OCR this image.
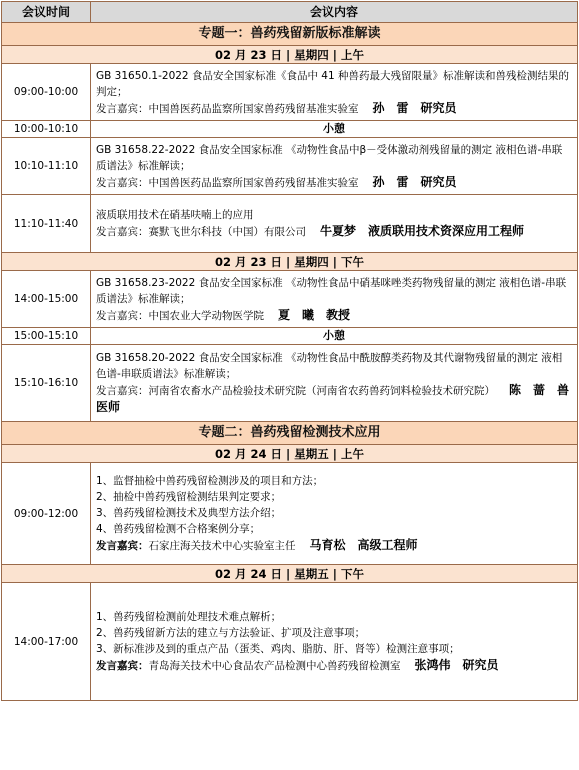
会议时间	会议内容
专题一：兽药残留新版标准解读	
02 月 23 日 | 星期四 | 上午	
09:00-10:00	GB 31650.1-2022 食品安全国家标准《食品中 41 种兽药最大残留限量》标准解读和兽残检测结果的判定；
发言嘉宾：中国兽医药品监察所国家兽药残留基准实验室 孙　雷　研究员

10:00-10:10	小憩
10:10-11:10	GB 31658.22-2022 食品安全国家标准 《动物性食品中β－受体激动剂残留量的测定 液相色谱-串联质谱法》标准解读；
发言嘉宾：中国兽医药品监察所国家兽药残留基准实验室 孙　雷　研究员

11:10-11:40	液质联用技术在硝基呋喃上的应用
发言嘉宾：赛默飞世尔科技（中国）有限公司 牛夏梦　液质联用技术资深应用工程师

02 月 23 日 | 星期四 | 下午	
14:00-15:00	GB 31658.23-2022 食品安全国家标准 《动物性食品中硝基咪唑类药物残留量的测定 液相色谱-串联质谱法》标准解读；
发言嘉宾：中国农业大学动物医学院 夏　曦　教授

15:00-15:10	小憩
15:10-16:10	GB 31658.20-2022 食品安全国家标准 《动物性食品中酰胺醇类药物及其代谢物残留量的测定 液相色谱-串联质谱法》标准解读；
发言嘉宾：河南省农畜水产品检验技术研究院（河南省农药兽药饲料检验技术研究院） 陈　蔷　兽医师

专题二：兽药残留检测技术应用	
02 月 24 日 | 星期五 | 上午	
09:00-12:00	1、监督抽检中兽药残留检测涉及的项目和方法；
2、抽检中兽药残留检测结果判定要求；
3、兽药残留检测技术及典型方法介绍；
4、兽药残留检测不合格案例分享；
发言嘉宾：石家庄海关技术中心实验室主任 马育松　高级工程师

02 月 24 日 | 星期五 | 下午	
14:00-17:00	1、兽药残留检测前处理技术难点解析；
2、兽药残留新方法的建立与方法验证、扩项及注意事项；
3、新标准涉及到的重点产品（蛋类、鸡肉、脂肪、肝、肾等）检测注意事项；
发言嘉宾：青岛海关技术中心食品农产品检测中心兽药残留检测室 张鸿伟　研究员
